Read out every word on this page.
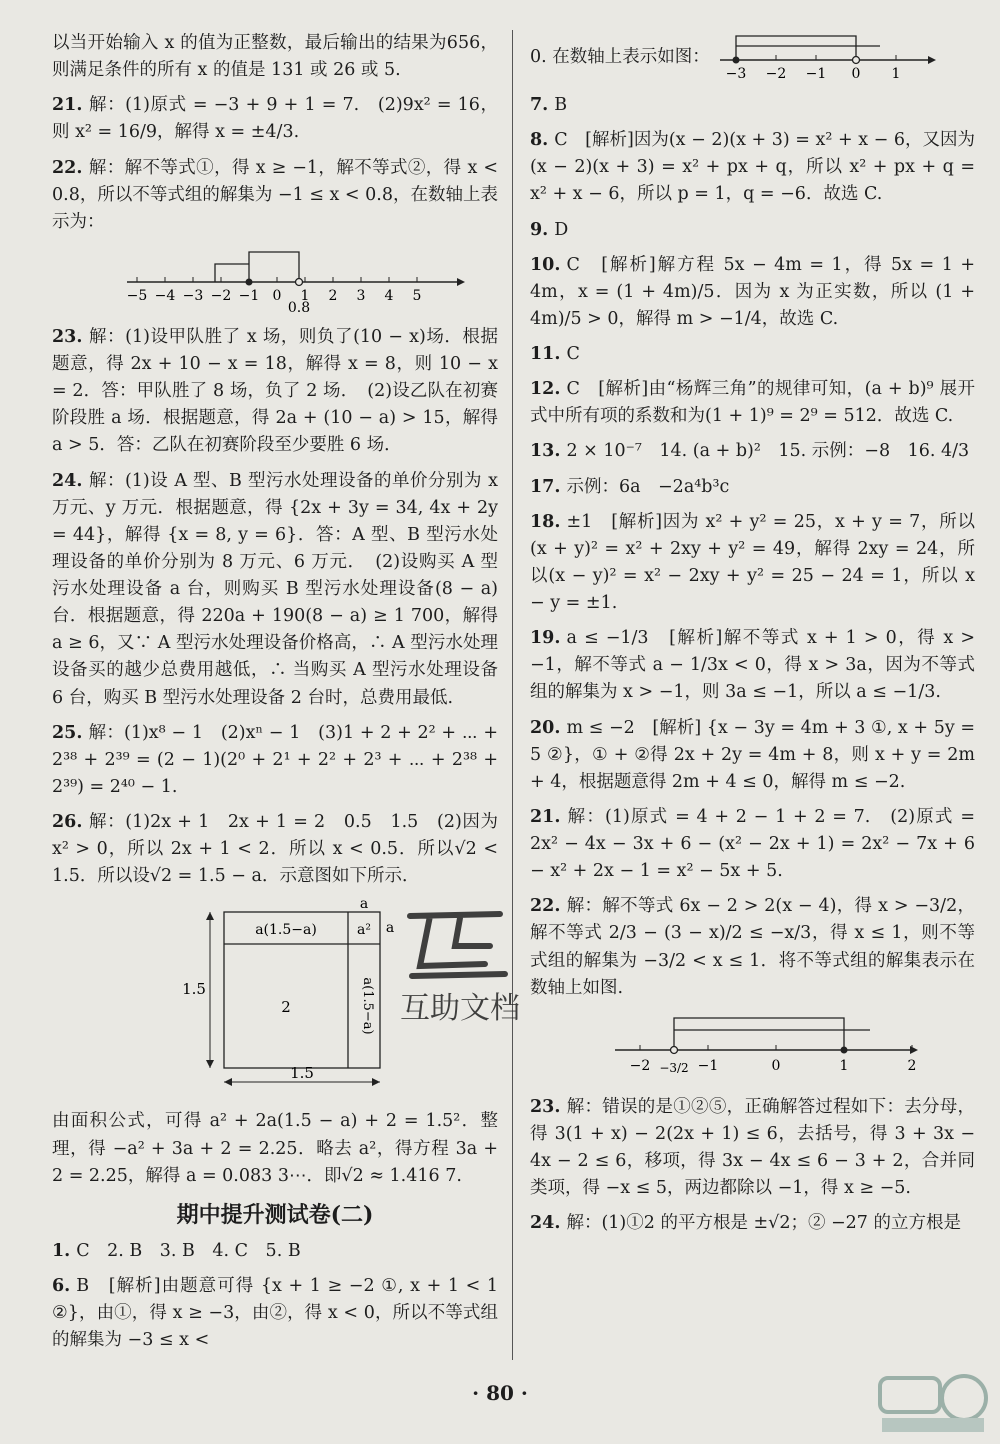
以当开始输入 x 的值为正整数，最后输出的结果为656，则满足条件的所有 x 的值是 131 或 26 或 5.

21. 解：(1)原式 = −3 + 9 + 1 = 7.　(2)9x² = 16，则 x² = 16/9，解得 x = ±4/3.

22. 解：解不等式①，得 x ≥ −1，解不等式②，得 x < 0.8，所以不等式组的解集为 −1 ≤ x < 0.8，在数轴上表示为：

−5 −4 −3 −2 −1 0 1 2 3 4 5
0.8

23. 解：(1)设甲队胜了 x 场，则负了(10 − x)场．根据题意，得 2x + 10 − x = 18，解得 x = 8，则 10 − x = 2．答：甲队胜了 8 场，负了 2 场．　(2)设乙队在初赛阶段胜 a 场．根据题意，得 2a + (10 − a) > 15，解得 a > 5．答：乙队在初赛阶段至少要胜 6 场．

24. 解：(1)设 A 型、B 型污水处理设备的单价分别为 x 万元、y 万元．根据题意，得 {2x + 3y = 34, 4x + 2y = 44}，解得 {x = 8, y = 6}．答：A 型、B 型污水处理设备的单价分别为 8 万元、6 万元．　(2)设购买 A 型污水处理设备 a 台，则购买 B 型污水处理设备(8 − a)台．根据题意，得 220a + 190(8 − a) ≥ 1 700，解得 a ≥ 6，又∵ A 型污水处理设备价格高，∴ A 型污水处理设备买的越少总费用越低，∴ 当购买 A 型污水处理设备 6 台，购买 B 型污水处理设备 2 台时，总费用最低.

25. 解：(1)x⁸ − 1　(2)xⁿ − 1　(3)1 + 2 + 2² + ⋯ + 2³⁸ + 2³⁹ = (2 − 1)(2⁰ + 2¹ + 2² + 2³ + ⋯ + 2³⁸ + 2³⁹) = 2⁴⁰ − 1.

26. 解：(1)2x + 1　2x + 1 = 2　0.5　1.5　(2)因为 x² > 0，所以 2x + 1 < 2．所以 x < 0.5．所以√2 < 1.5．所以设√2 = 1.5 − a．示意图如下所示．

a(1.5−a)	a²
2	a(1.5−a)
a
a
1.5
1.5

由面积公式，可得 a² + 2a(1.5 − a) + 2 = 1.5²．整理，得 −a² + 3a + 2 = 2.25．略去 a²，得方程 3a + 2 = 2.25，解得 a = 0.083 3⋯．即√2 ≈ 1.416 7.

期中提升测试卷(二)

1. C　2. B　3. B　4. C　5. B

6. B　[解析]由题意可得 {x + 1 ≥ −2 ①, x + 1 < 1 ②}，由①，得 x ≥ −3，由②，得 x < 0，所以不等式组的解集为 −3 ≤ x <

0. 在数轴上表示如图：
−3 −2 −1 0 1

7. B

8. C　[解析]因为(x − 2)(x + 3) = x² + x − 6，又因为(x − 2)(x + 3) = x² + px + q，所以 x² + px + q = x² + x − 6，所以 p = 1，q = −6．故选 C.

9. D

10. C　[解析]解方程 5x − 4m = 1，得 5x = 1 + 4m，x = (1 + 4m)/5．因为 x 为正实数，所以 (1 + 4m)/5 > 0，解得 m > −1/4，故选 C.

11. C

12. C　[解析]由“杨辉三角”的规律可知，(a + b)⁹ 展开式中所有项的系数和为(1 + 1)⁹ = 2⁹ = 512．故选 C.

13. 2 × 10⁻⁷　14. (a + b)²　15. 示例：−8　16. 4/3

17. 示例：6a　−2a⁴b³c

18. ±1　[解析]因为 x² + y² = 25，x + y = 7，所以(x + y)² = x² + 2xy + y² = 49，解得 2xy = 24，所以(x − y)² = x² − 2xy + y² = 25 − 24 = 1，所以 x − y = ±1.

19. a ≤ −1/3　[解析]解不等式 x + 1 > 0，得 x > −1，解不等式 a − 1/3x < 0，得 x > 3a，因为不等式组的解集为 x > −1，则 3a ≤ −1，所以 a ≤ −1/3.

20. m ≤ −2　[解析] {x − 3y = 4m + 3 ①, x + 5y = 5 ②}，① + ②得 2x + 2y = 4m + 8，则 x + y = 2m + 4，根据题意得 2m + 4 ≤ 0，解得 m ≤ −2.

21. 解：(1)原式 = 4 + 2 − 1 + 2 = 7.　(2)原式 = 2x² − 4x − 3x + 6 − (x² − 2x + 1) = 2x² − 7x + 6 − x² + 2x − 1 = x² − 5x + 5.

22. 解：解不等式 6x − 2 > 2(x − 4)，得 x > −3/2，解不等式 2/3 − (3 − x)/2 ≤ −x/3，得 x ≤ 1，则不等式组的解集为 −3/2 < x ≤ 1．将不等式组的解集表示在数轴上如图.

−2	−1	0	1	2
−3/2

23. 解：错误的是①②⑤，正确解答过程如下：去分母，得 3(1 + x) − 2(2x + 1) ≤ 6，去括号，得 3 + 3x − 4x − 2 ≤ 6，移项，得 3x − 4x ≤ 6 − 3 + 2，合并同类项，得 −x ≤ 5，两边都除以 −1，得 x ≥ −5.

24. 解：(1)①2 的平方根是 ±√2；② −27 的立方根是

互助文档
· 80 ·
